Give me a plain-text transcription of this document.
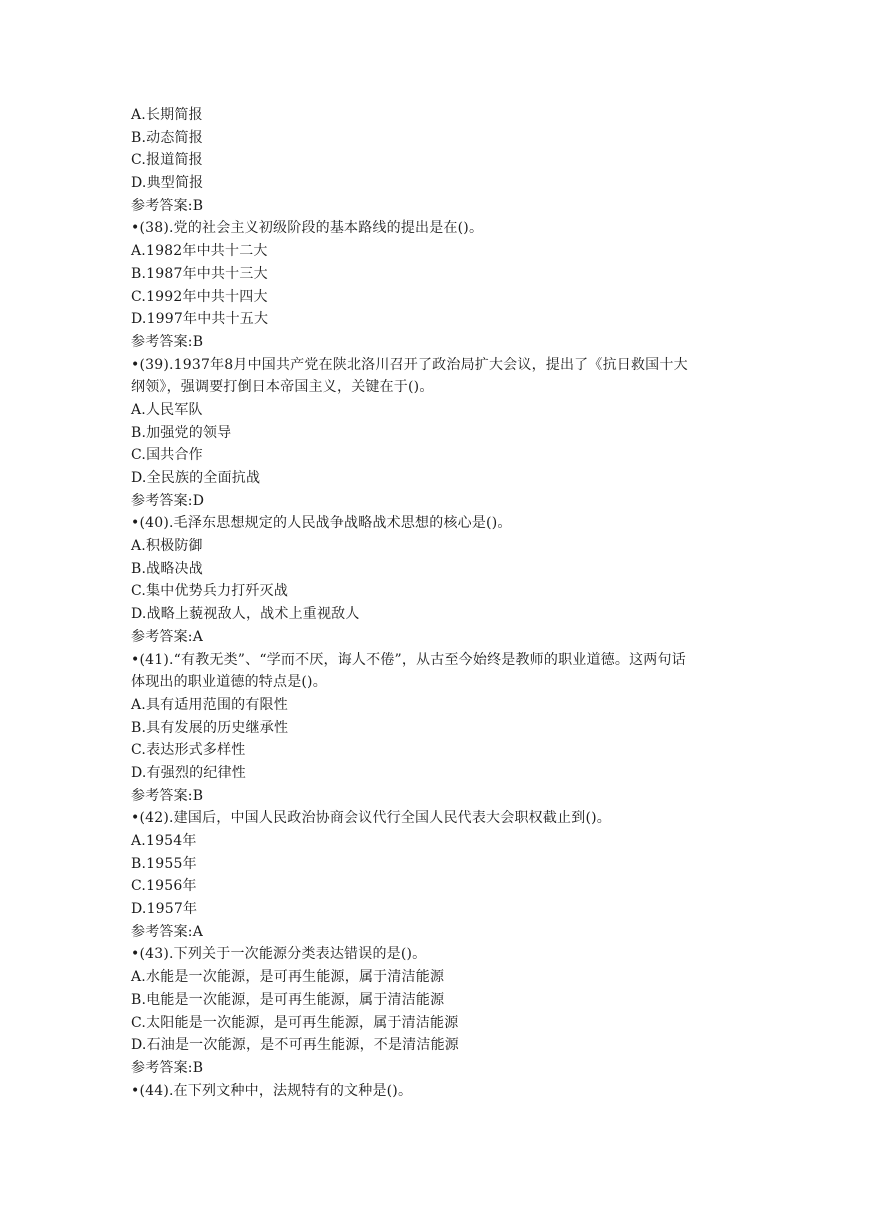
A.长期简报
B.动态简报
C.报道简报
D.典型简报
参考答案:B
•(38).党的社会主义初级阶段的基本路线的提出是在()。
A.1982年中共十二大
B.1987年中共十三大
C.1992年中共十四大
D.1997年中共十五大
参考答案:B
•(39).1937年8月中国共产党在陕北洛川召开了政治局扩大会议，提出了《抗日救国十大
纲领》，强调要打倒日本帝国主义，关键在于()。
A.人民军队
B.加强党的领导
C.国共合作
D.全民族的全面抗战
参考答案:D
•(40).毛泽东思想规定的人民战争战略战术思想的核心是()。
A.积极防御
B.战略决战
C.集中优势兵力打歼灭战
D.战略上藐视敌人，战术上重视敌人
参考答案:A
•(41).“有教无类”、“学而不厌，诲人不倦”，从古至今始终是教师的职业道德。这两句话
体现出的职业道德的特点是()。
A.具有适用范围的有限性
B.具有发展的历史继承性
C.表达形式多样性
D.有强烈的纪律性
参考答案:B
•(42).建国后，中国人民政治协商会议代行全国人民代表大会职权截止到()。
A.1954年
B.1955年
C.1956年
D.1957年
参考答案:A
•(43).下列关于一次能源分类表达错误的是()。
A.水能是一次能源，是可再生能源，属于清洁能源
B.电能是一次能源，是可再生能源，属于清洁能源
C.太阳能是一次能源，是可再生能源，属于清洁能源
D.石油是一次能源，是不可再生能源，不是清洁能源
参考答案:B
•(44).在下列文种中，法规特有的文种是()。
